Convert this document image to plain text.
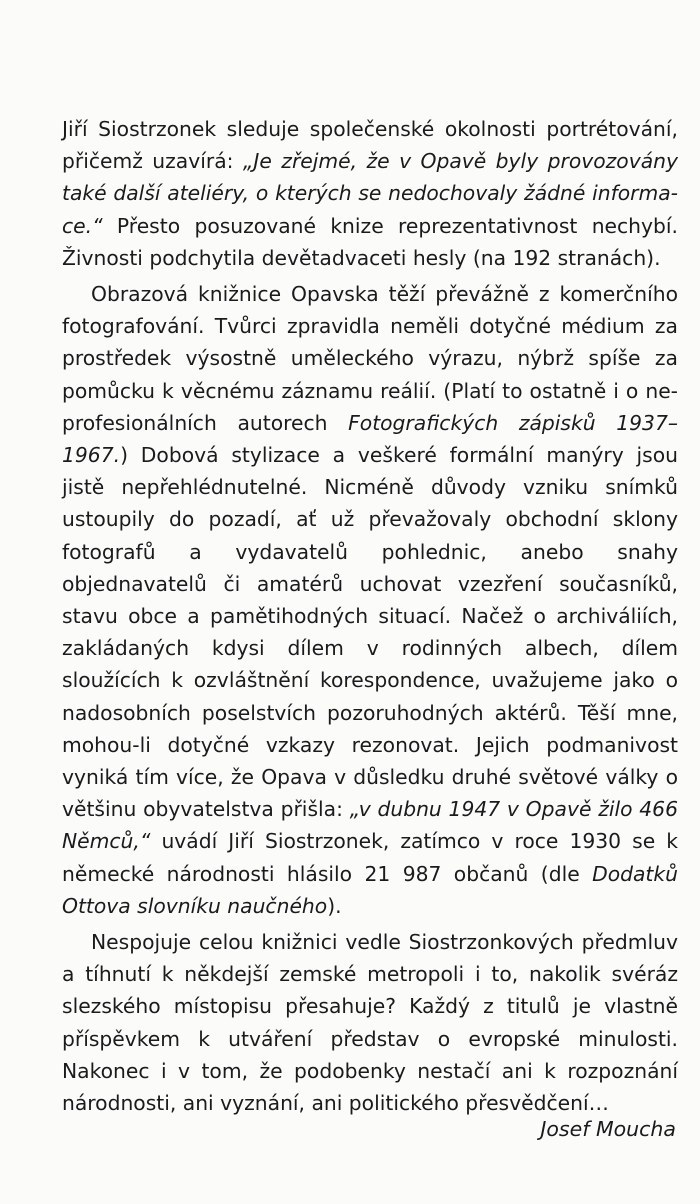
Jiří Siostrzonek sleduje společenské okolnosti portrétování, přičemž uzavírá: „Je zřejmé, že v Opavě byly provozovány také další ateliéry, o kterých se nedochovaly žádné informace.“ Přesto posuzované knize reprezentativnost nechybí. Živnosti podchytila devětadvaceti hesly (na 192 stranách).

Obrazová knižnice Opavska těží převážně z komerčního fotografování. Tvůrci zpravidla neměli dotyčné médium za prostředek výsostně uměleckého výrazu, nýbrž spíše za pomůcku k věcnému záznamu reálií. (Platí to ostatně i o neprofesionálních autorech Fotografických zápisků 1937–1967.) Dobová stylizace a veškeré formální manýry jsou jistě nepřehlédnutelné. Nicméně důvody vzniku snímků ustoupily do pozadí, ať už převažovaly obchodní sklony fotografů a vydavatelů pohlednic, anebo snahy objednavatelů či amatérů uchovat vzezření současníků, stavu obce a pamětihodných situací. Načež o archiváliích, zakládaných kdysi dílem v rodinných albech, dílem sloužících k ozvláštnění korespondence, uvažujeme jako o nadosobních poselstvích pozoruhodných aktérů. Těší mne, mohou-li dotyčné vzkazy rezonovat. Jejich podmanivost vyniká tím více, že Opava v důsledku druhé světové války o většinu obyvatelstva přišla: „v dubnu 1947 v Opavě žilo 466 Němců,“ uvádí Jiří Siostrzonek, zatímco v roce 1930 se k německé národnosti hlásilo 21 987 občanů (dle Dodatků Ottova slovníku naučného).

Nespojuje celou knižnici vedle Siostrzonkových předmluv a tíhnutí k někdejší zemské metropoli i to, nakolik svéráz slezského místopisu přesahuje? Každý z titulů je vlastně příspěvkem k utváření představ o evropské minulosti. Nakonec i v tom, že podobenky nestačí ani k rozpoznání národnosti, ani vyznání, ani politického přesvědčení…

Josef Moucha
